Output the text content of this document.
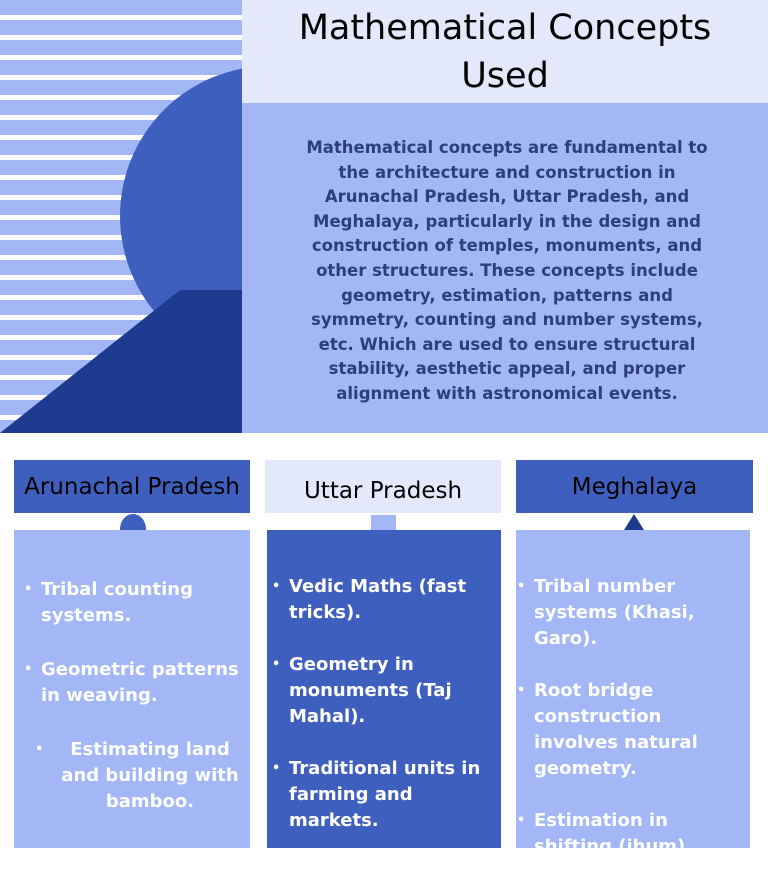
Mathematical Concepts Used

Mathematical concepts are fundamental to the architecture and construction in Arunachal Pradesh, Uttar Pradesh, and Meghalaya, particularly in the design and construction of temples, monuments, and other structures. These concepts include geometry, estimation, patterns and symmetry, counting and number systems, etc. Which are used to ensure structural stability, aesthetic appeal, and proper alignment with astronomical events.

Arunachal Pradesh
• Tribal counting systems.
• Geometric patterns in weaving.
• Estimating land and building with bamboo.
Uttar Pradesh
• Vedic Maths (fast tricks).
• Geometry in monuments (Taj Mahal).
• Traditional units in farming and markets.
Meghalaya
• Tribal number systems (Khasi, Garo).
• Root bridge construction involves natural geometry.
• Estimation in shifting (jhum) cultivation.
